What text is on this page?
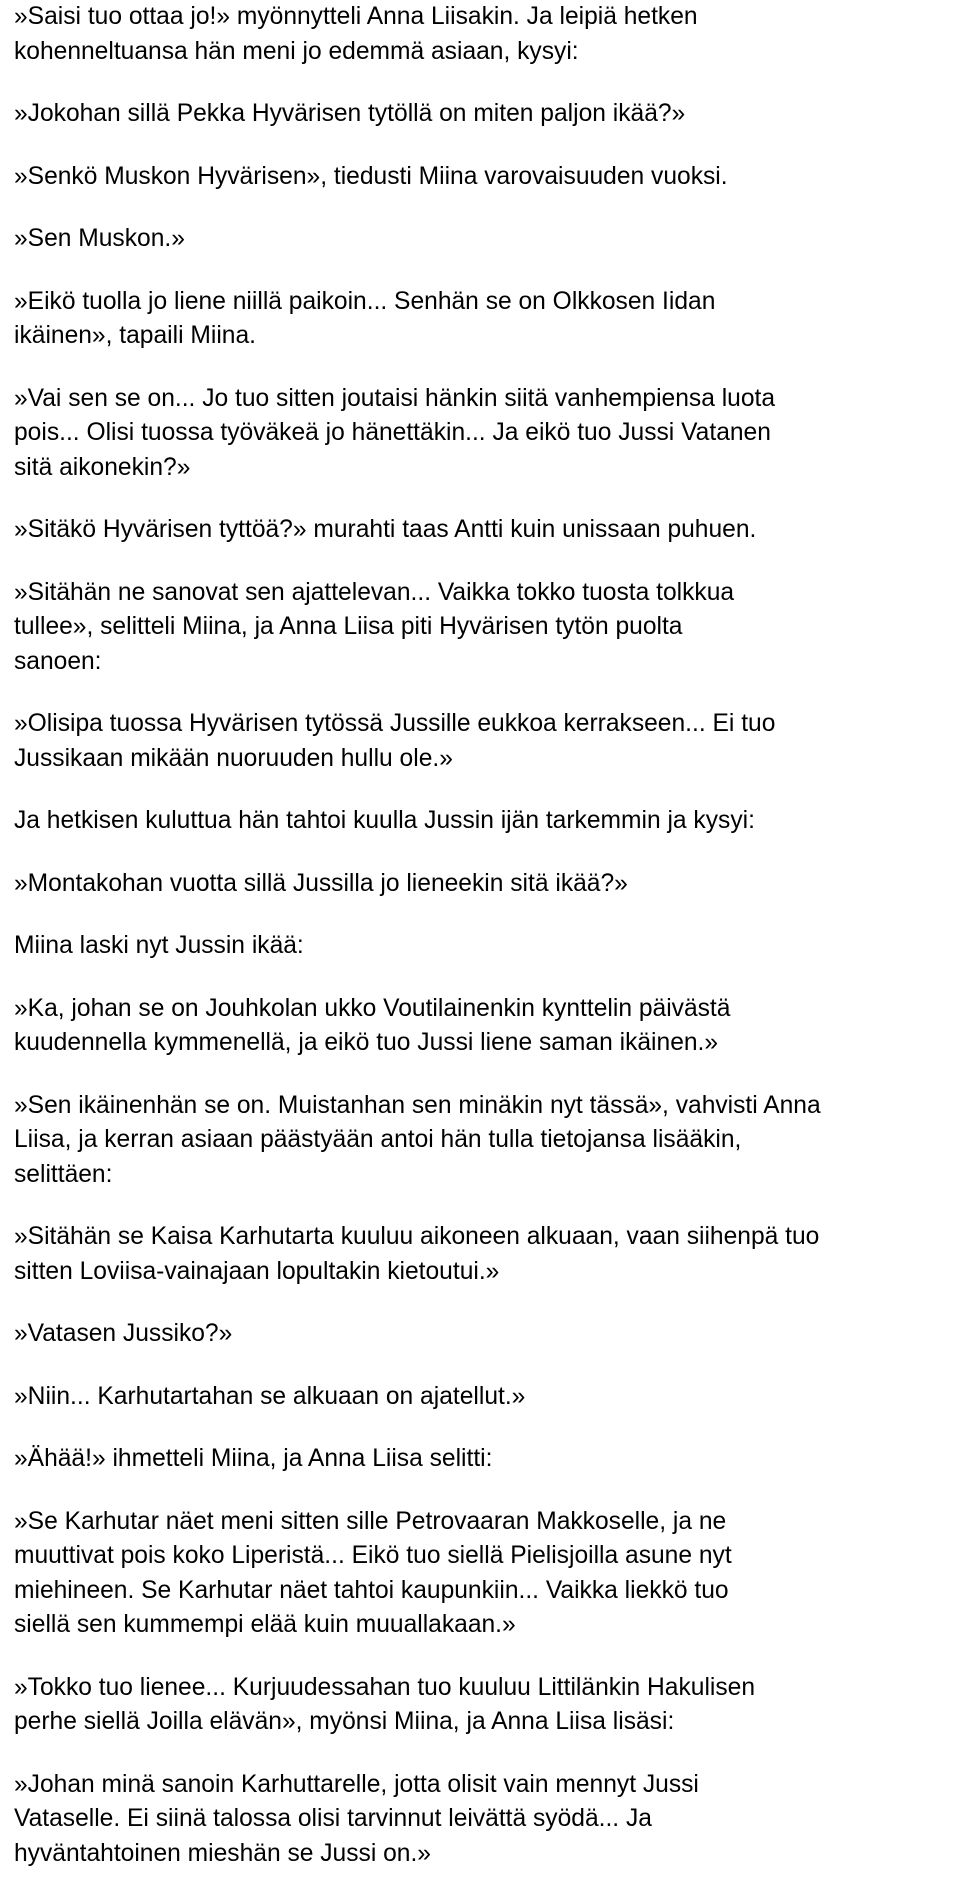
»Saisi tuo ottaa jo!» myönnytteli Anna Liisakin. Ja leipiä hetken
kohenneltuansa hän meni jo edemmä asiaan, kysyi:

»Jokohan sillä Pekka Hyvärisen tytöllä on miten paljon ikää?»

»Senkö Muskon Hyvärisen», tiedusti Miina varovaisuuden vuoksi.

»Sen Muskon.»

»Eikö tuolla jo liene niillä paikoin... Senhän se on Olkkosen Iidan
ikäinen», tapaili Miina.

»Vai sen se on... Jo tuo sitten joutaisi hänkin siitä vanhempiensa luota
pois... Olisi tuossa työväkeä jo hänettäkin... Ja eikö tuo Jussi Vatanen
sitä aikonekin?»

»Sitäkö Hyvärisen tyttöä?» murahti taas Antti kuin unissaan puhuen.

»Sitähän ne sanovat sen ajattelevan... Vaikka tokko tuosta tolkkua
tullee», selitteli Miina, ja Anna Liisa piti Hyvärisen tytön puolta
sanoen:

»Olisipa tuossa Hyvärisen tytössä Jussille eukkoa kerrakseen... Ei tuo
Jussikaan mikään nuoruuden hullu ole.»

Ja hetkisen kuluttua hän tahtoi kuulla Jussin ijän tarkemmin ja kysyi:

»Montakohan vuotta sillä Jussilla jo lieneekin sitä ikää?»

Miina laski nyt Jussin ikää:

»Ka, johan se on Jouhkolan ukko Voutilainenkin kynttelin päivästä
kuudennella kymmenellä, ja eikö tuo Jussi liene saman ikäinen.»

»Sen ikäinenhän se on. Muistanhan sen minäkin nyt tässä», vahvisti Anna
Liisa, ja kerran asiaan päästyään antoi hän tulla tietojansa lisääkin,
selittäen:

»Sitähän se Kaisa Karhutarta kuuluu aikoneen alkuaan, vaan siihenpä tuo
sitten Loviisa-vainajaan lopultakin kietoutui.»

»Vatasen Jussiko?»

»Niin... Karhutartahan se alkuaan on ajatellut.»

»Ähää!» ihmetteli Miina, ja Anna Liisa selitti:

»Se Karhutar näet meni sitten sille Petrovaaran Makkoselle, ja ne
muuttivat pois koko Liperistä... Eikö tuo siellä Pielisjoilla asune nyt
miehineen. Se Karhutar näet tahtoi kaupunkiin... Vaikka liekkö tuo
siellä sen kummempi elää kuin muuallakaan.»

»Tokko tuo lienee... Kurjuudessahan tuo kuuluu Littilänkin Hakulisen
perhe siellä Joilla elävän», myönsi Miina, ja Anna Liisa lisäsi:

»Johan minä sanoin Karhuttarelle, jotta olisit vain mennyt Jussi
Vataselle. Ei siinä talossa olisi tarvinnut leivättä syödä... Ja
hyväntahtoinen mieshän se Jussi on.»
